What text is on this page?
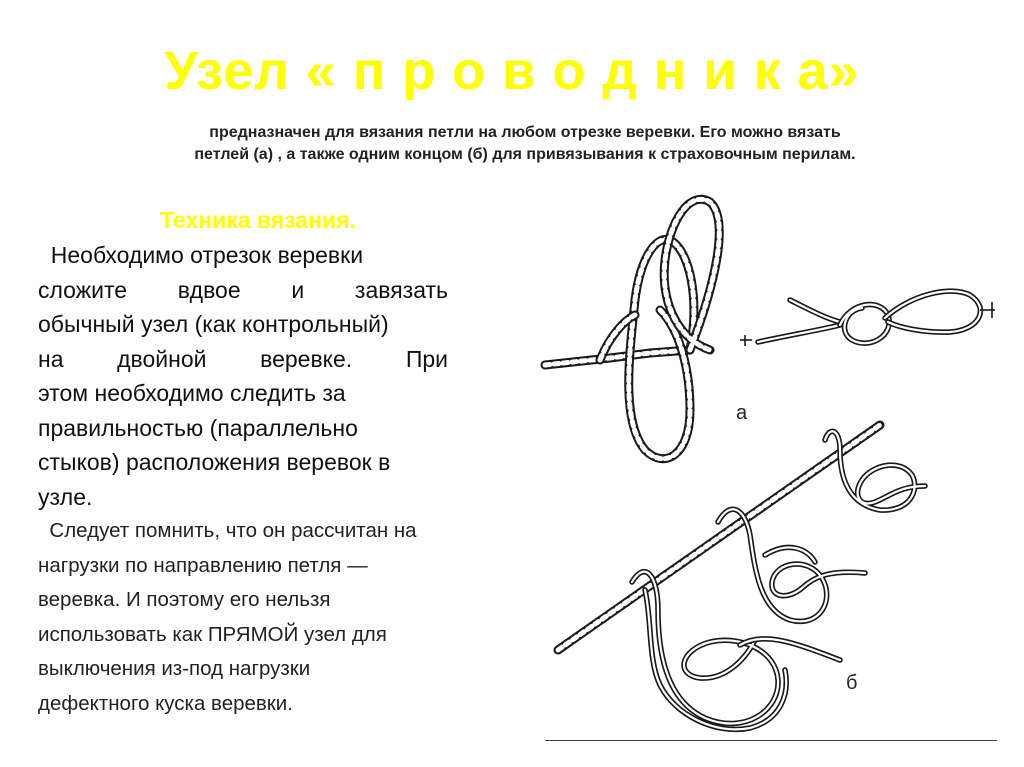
Узел « п р о в о д н и к а»
предназначен для вязания петли на любом отрезке веревки. Его можно вязать
петлей (а) , а также одним концом (б) для привязывания к страховочным перилам.
Техника вязания.
Необходимо отрезок веревки
сложите вдвое и завязать
обычный узел (как контрольный)
на двойной веревке. При
этом необходимо следить за
правильностью (параллельно
стыков) расположения веревок в
узле.
Следует помнить, что он рассчитан на
нагрузки по направлению петля —
веревка. И поэтому его нельзя
использовать как ПРЯМОЙ узел для
выключения из-под нагрузки
дефектного куска веревки.
а
б
